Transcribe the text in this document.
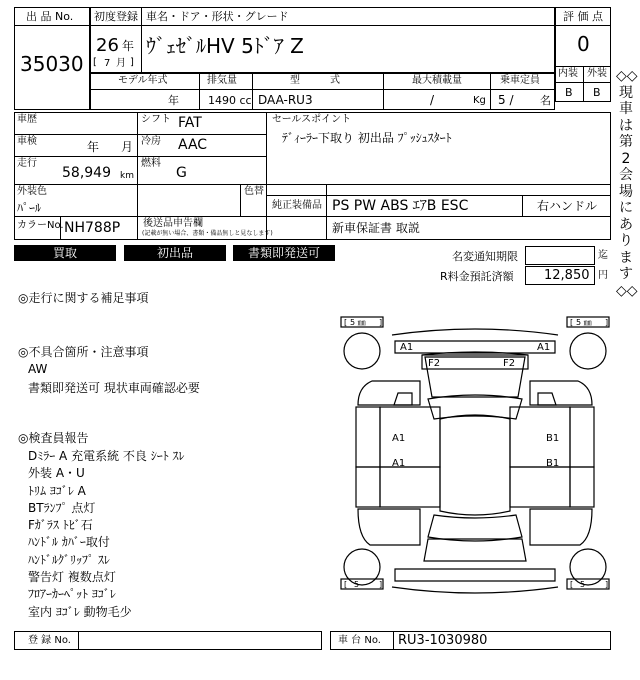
出 品 No.
35030
初度登録 車名・ドア・形状・グレード
26 年
[ 7 月 ]
ｳﾞｪｾﾞﾙHV 5ﾄﾞｱ Z
評 価 点
0
内装 外装
B B
モデル年式	排気量	型　　　式	最大積載量	乗車定員
年	1490 cc DAA-RU3	/	Kg 5 / 名
車歴	シフト FAT
車検	年 月 冷房 AAC
走行
58,949 km
燃料
G
セールスポイント
ﾃﾞｨｰﾗｰ下取り 初出品 ﾌﾟｯｼｭｽﾀｰﾄ
外装色
ﾊﾟｰﾙ
色替
純正装備品 PS PW ABS ｴｱB ESC	右ハンドル
カラーNo. NH788P 後送品申告欄
(記載が無い場合、書類・備品無しと見なします)	新車保証書 取説
買取	初出品	書類即発送可	名変通知期限	迄
R料金預託済額 12,850 円
◎走行に関する補足事項
◎不具合箇所・注意事項
AW
書類即発送可 現状車両確認必要
◎検査員報告
Dﾐﾗｰ A 充電系統 不良 ｼｰﾄ ｽﾚ
外装 A・U
ﾄﾘﾑ ﾖｺﾞﾚ A
BTﾗﾝﾌﾟ 点灯
Fｶﾞﾗｽ ﾄﾋﾞ石
ﾊﾝﾄﾞﾙ ｶﾊﾞｰ取付
ﾊﾝﾄﾞﾙｸﾞﾘｯﾌﾟ ｽﾚ
警告灯 複数点灯
ﾌﾛｱｰｶｰﾍﾟｯﾄ ﾖｺﾞﾚ
室内 ﾖｺﾞﾚ 動物毛少
[ 5 ㎜ ]	[ 5 ㎜ ]
[ 5 ]	[ 5 ]
A1	A1
F2	F2
A1
A1
B1
B1
登 録 No.	車 台 No. RU3-1030980
◇◇現車は第2会場にあります◇◇
